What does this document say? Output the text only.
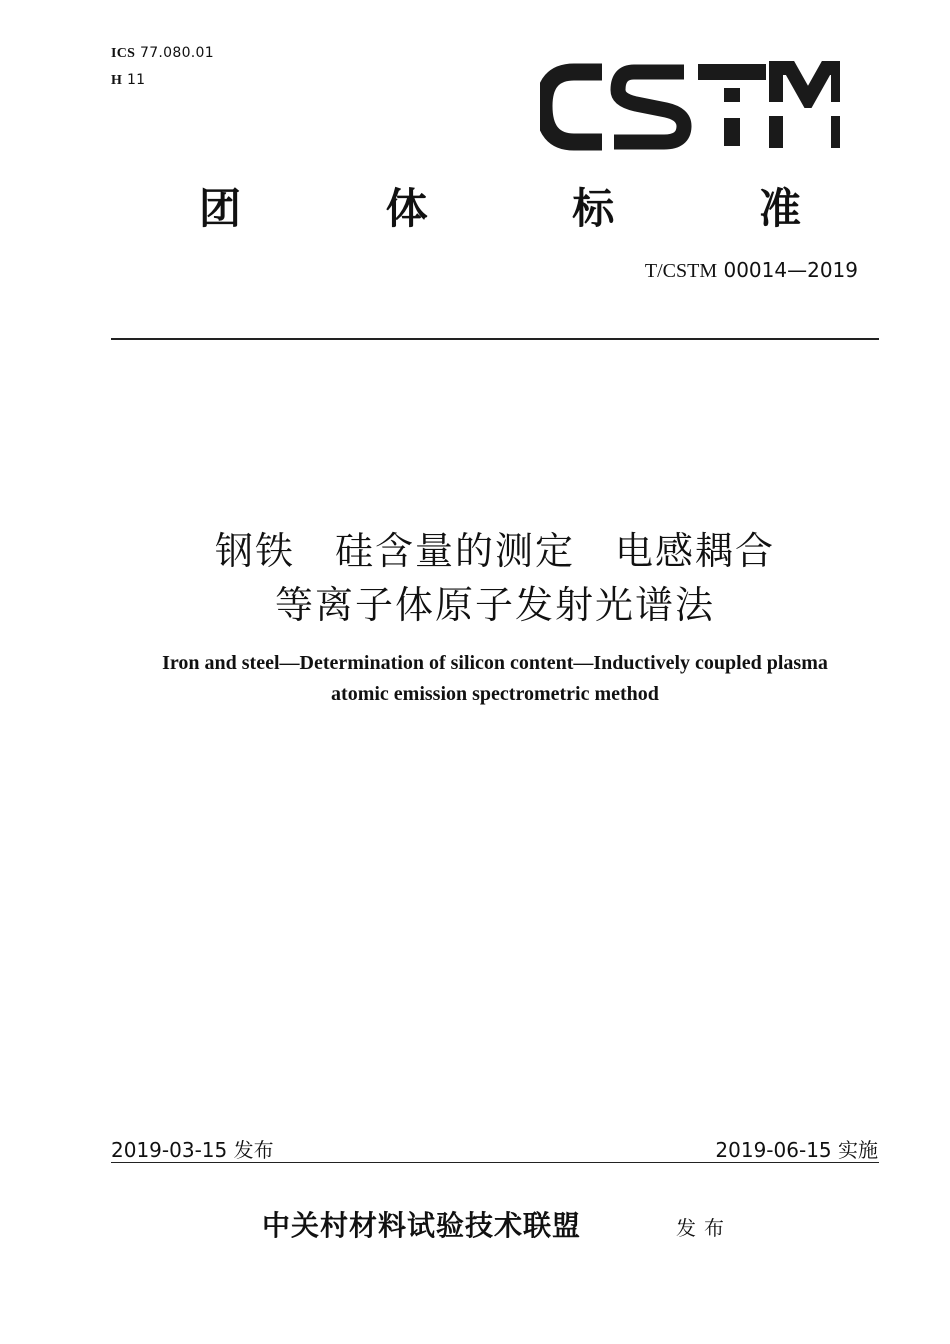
ICS 77.080.01
H 11
团	体	标	准
T/CSTM 00014—2019
钢铁　硅含量的测定　电感耦合
等离子体原子发射光谱法
Iron and steel—Determination of silicon content—Inductively coupled plasma
atomic emission spectrometric method
2019-03-15 发布	2019-06-15 实施
中关村材料试验技术联盟	发布
